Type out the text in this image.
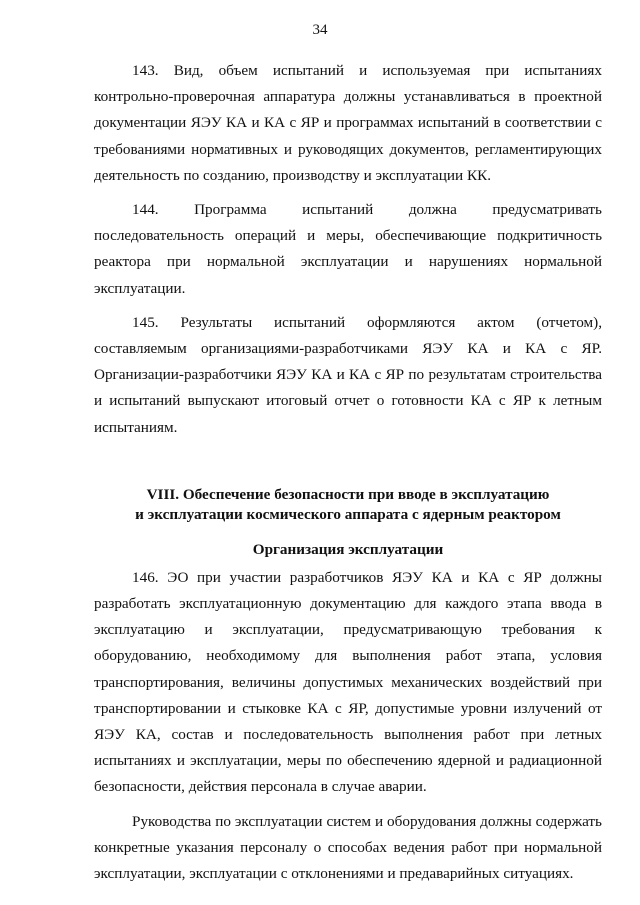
34

143. Вид, объем испытаний и используемая при испытаниях контрольно-проверочная аппаратура должны устанавливаться в проектной документации ЯЭУ КА и КА с ЯР и программах испытаний в соответствии с требованиями нормативных и руководящих документов, регламентирующих деятельность по созданию, производству и эксплуатации КК.

144. Программа испытаний должна предусматривать последовательность операций и меры, обеспечивающие подкритичность реактора при нормальной эксплуатации и нарушениях нормальной эксплуатации.

145. Результаты испытаний оформляются актом (отчетом), составляемым организациями-разработчиками ЯЭУ КА и КА с ЯР. Организации-разработчики ЯЭУ КА и КА с ЯР по результатам строительства и испытаний выпускают итоговый отчет о готовности КА с ЯР к летным испытаниям.

VIII. Обеспечение безопасности при вводе в эксплуатацию
и эксплуатации космического аппарата с ядерным реактором
Организация эксплуатации

146. ЭО при участии разработчиков ЯЭУ КА и КА с ЯР должны разработать эксплуатационную документацию для каждого этапа ввода в эксплуатацию и эксплуатации, предусматривающую требования к оборудованию, необходимому для выполнения работ этапа, условия транспортирования, величины допустимых механических воздействий при транспортировании и стыковке КА с ЯР, допустимые уровни излучений от ЯЭУ КА, состав и последовательность выполнения работ при летных испытаниях и эксплуатации, меры по обеспечению ядерной и радиационной безопасности, действия персонала в случае аварии.

Руководства по эксплуатации систем и оборудования должны содержать конкретные указания персоналу о способах ведения работ при нормальной эксплуатации, эксплуатации с отклонениями и предаварийных ситуациях.
